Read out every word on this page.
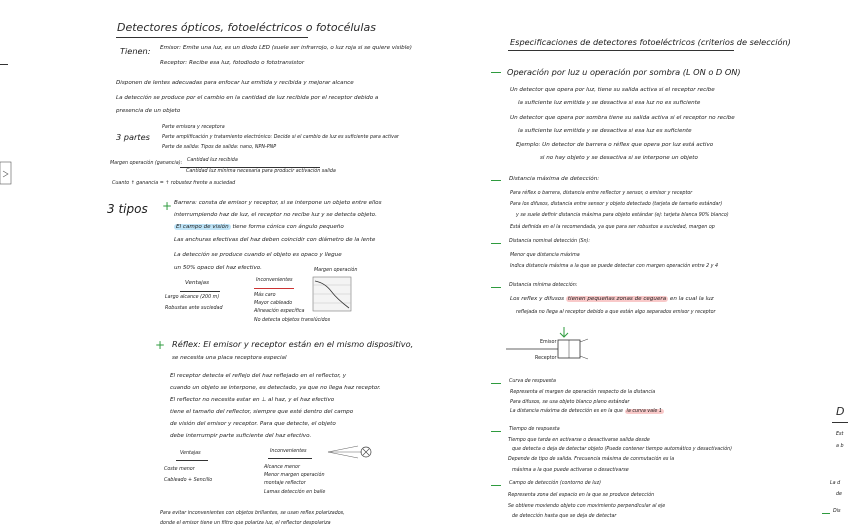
Detectores ópticos, fotoeléctricos o fotocélulas
Tienen: Emisor: Emite una luz, es un diodo LED (suele ser infrarrojo, o luz roja si se quiere visible)
Receptor: Recibe esa luz, fotodiodo o fototransistor
Disponen de lentes adecuadas para enfocar luz emitida y recibida y mejorar alcance
La detección se produce por el cambio en la cantidad de luz recibida por el receptor debido a
presencia de un objeto
3 partes
Parte emisora y receptora
Parte amplificación y tratamiento electrónico: Decide si el cambio de luz es suficiente para activar
Parte de salida: Tipos de salida: nano, NPN-PNP
Margen operación (ganancia):
Cantidad luz recibida
Cantidad luz mínima necesaria para producir activación salida
Cuanto ↑ ganancia = ↑ robustez frente a suciedad
3 tipos + Barrera: consta de emisor y receptor, si se interpone un objeto entre ellos
interrumpiendo haz de luz, el receptor no recibe luz y se detecta objeto.
El campo de visión tiene forma cónica con ángulo pequeño
Las anchuras efectivas del haz deben coincidir con diámetro de la lente
La detección se produce cuando el objeto es opaco y llegue
un 50% opaco del haz efectivo.
Ventajas
Largo alcance (200 m)
Robustas ante suciedad
Inconvenientes
Más caro
Mayor cableado
Alineación específica
No detecta objetos translúcidos
Margen operación
+ Réflex: El emisor y receptor están en el mismo dispositivo,
se necesita una placa receptora especial
El receptor detecta el reflejo del haz reflejado en el reflector, y
cuando un objeto se interpone, es detectado, ya que no llega haz receptor.
El reflector no necesita estar en ⊥ al haz, y el haz efectivo
tiene el tamaño del reflector, siempre que esté dentro del campo
de visión del emisor y receptor. Para que detecte, el objeto
debe interrumpir parte suficiente del haz efectivo.
Ventajas
Coste menor
Cableado + Sencillo
Inconvenientes
Alcance menor
Menor margen operación
montaje reflector
Lamas detección en baile
Para evitar inconvenientes con objetos brillantes, se usan reflex polarizados,
donde el emisor tiene un filtro que polariza luz, el reflector despolariza
Especificaciones de detectores fotoeléctricos (criterios de selección)
Operación por luz u operación por sombra (L ON o D ON)
Un detector que opera por luz, tiene su salida activa si el receptor recibe
la suficiente luz emitida y se desactiva si esa luz no es suficiente
Un detector que opera por sombra tiene su salida activa si el receptor no recibe
la suficiente luz emitida y se desactiva si esa luz es suficiente
Ejemplo: Un detector de barrera o réflex que opera por luz está activo
si no hay objeto y se desactiva si se interpone un objeto
Distancia máxima de detección:
Para réflex o barrera, distancia entre reflector y sensor, o emisor y receptor
Para los difusos, distancia entre sensor y objeto detectado (tarjeta de tamaño estándar)
y se suele definir distancia máxima para objeto estándar (ej: tarjeta blanca 90% blanco)
Está definida en el la recomendada, ya que para ser robustos a suciedad, margen op
Distancia nominal detección (Sn):
Menor que distancia máxima
Indica distancia máxima a la que se puede detectar con margen operación entre 2 y 4
Distancia mínima detección:
Los reflex y difusos tienen pequeñas zonas de ceguera en la cual la luz
reflejada no llega al receptor debido a que están algo separados emisor y receptor
Emisor
Receptor
Curva de respuesta
Representa el margen de operación respecto de la distancia
Para difusos, se usa objeto blanco plano estándar
La distancia máxima de detección es en la que la curva vale 1
Tiempo de respuesta
Tiempo que tarda en activarse o desactivarse salida desde
que detecta o deja de detectar objeto (Puede contener tiempo automático y desactivación)
Depende de tipo de salida. Frecuencia máxima de conmutación es la
máxima a la que puede activarse o desactivarse
Campo de detección (contorno de luz)
Representa zona del espacio en la que se produce detección
Se obtiene moviendo objeto con movimiento perpendicular al eje
de detección hasta que se deja de detectar
D
Est
a b
La d
de
Dis
